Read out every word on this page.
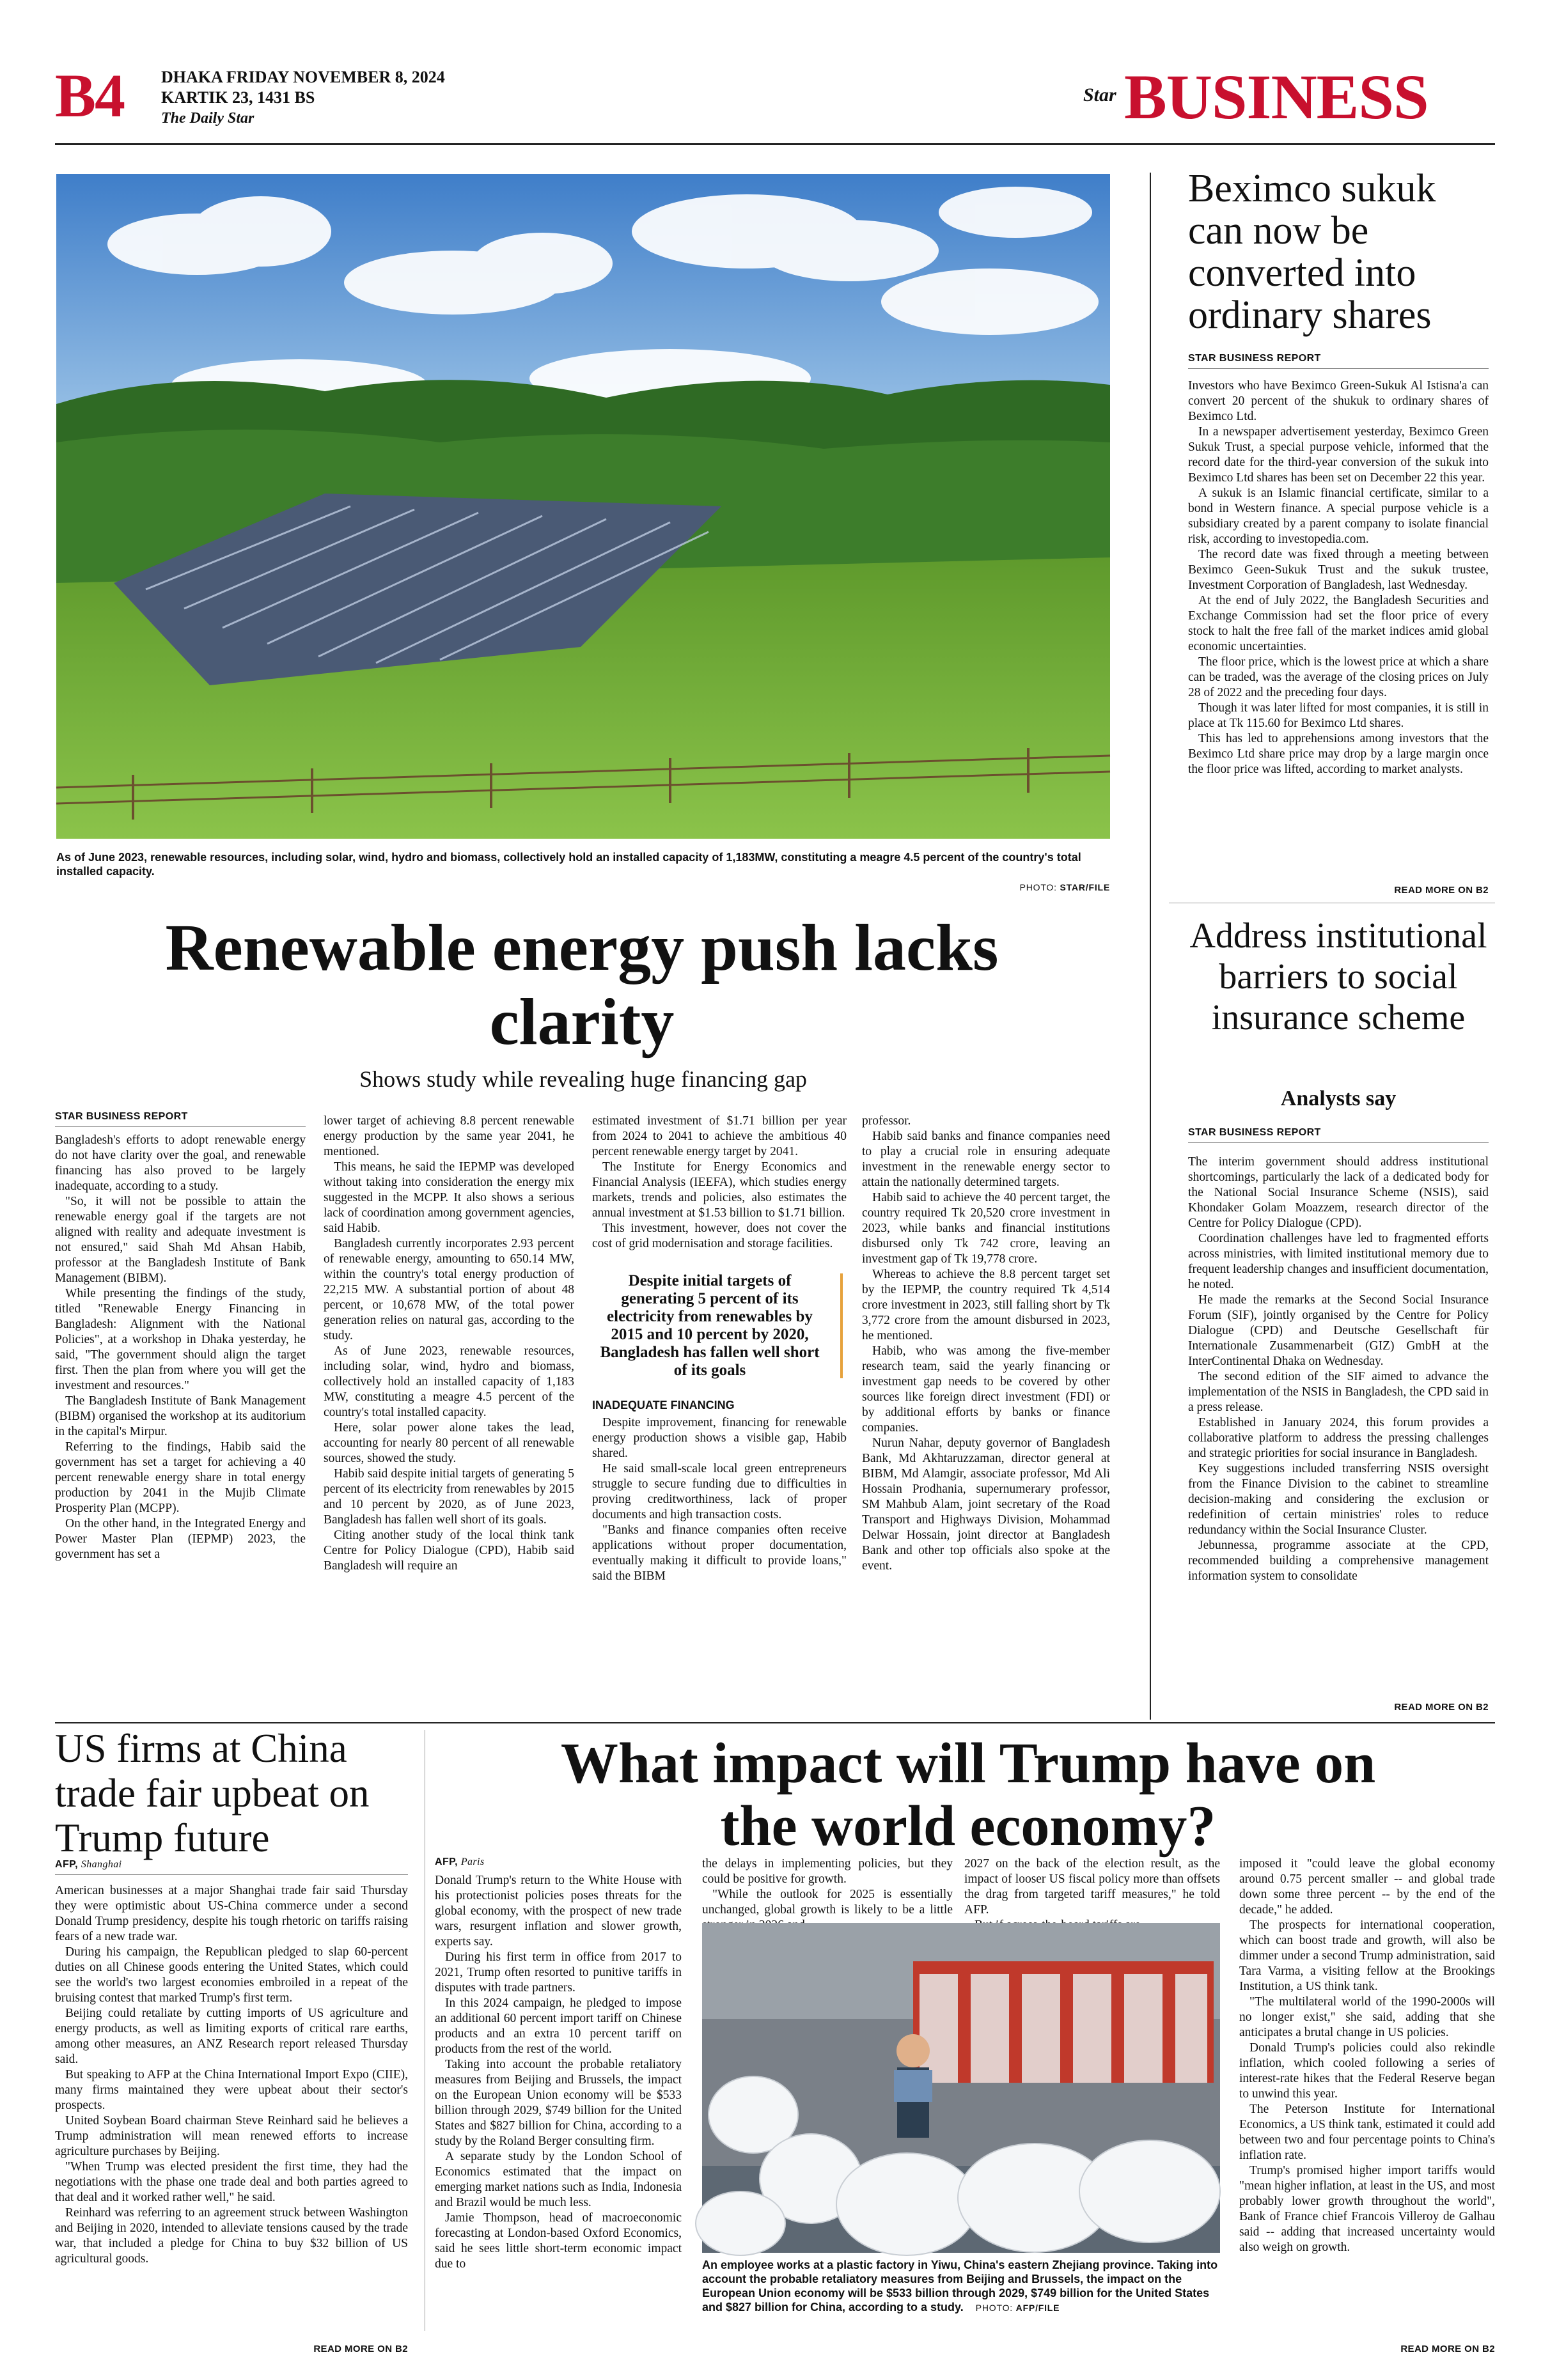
B4 DHAKA FRIDAY NOVEMBER 8, 2024
KARTIK 23, 1431 BS
The Daily Star
Star BUSINESS
As of June 2023, renewable resources, including solar, wind, hydro and biomass, collectively hold an installed capacity of 1,183MW, constituting a meagre 4.5 percent of the country's total installed capacity.
PHOTO: STAR/FILE
Renewable energy push lacks clarity
Shows study while revealing huge financing gap
STAR BUSINESS REPORT

Bangladesh's efforts to adopt renewable energy do not have clarity over the goal, and renewable financing has also proved to be largely inadequate, according to a study.

"So, it will not be possible to attain the renewable energy goal if the targets are not aligned with reality and adequate investment is not ensured," said Shah Md Ahsan Habib, professor at the Bangladesh Institute of Bank Management (BIBM).

While presenting the findings of the study, titled "Renewable Energy Financing in Bangladesh: Alignment with the National Policies", at a workshop in Dhaka yesterday, he said, "The government should align the target first. Then the plan from where you will get the investment and resources."

The Bangladesh Institute of Bank Management (BIBM) organised the workshop at its auditorium in the capital's Mirpur.

Referring to the findings, Habib said the government has set a target for achieving a 40 percent renewable energy share in total energy production by 2041 in the Mujib Climate Prosperity Plan (MCPP).

On the other hand, in the Integrated Energy and Power Master Plan (IEPMP) 2023, the government has set a

lower target of achieving 8.8 percent renewable energy production by the same year 2041, he mentioned.

This means, he said the IEPMP was developed without taking into consideration the energy mix suggested in the MCPP. It also shows a serious lack of coordination among government agencies, said Habib.

Bangladesh currently incorporates 2.93 percent of renewable energy, amounting to 650.14 MW, within the country's total energy production of 22,215 MW. A substantial portion of about 48 percent, or 10,678 MW, of the total power generation relies on natural gas, according to the study.

As of June 2023, renewable resources, including solar, wind, hydro and biomass, collectively hold an installed capacity of 1,183 MW, constituting a meagre 4.5 percent of the country's total installed capacity.

Here, solar power alone takes the lead, accounting for nearly 80 percent of all renewable sources, showed the study.

Habib said despite initial targets of generating 5 percent of its electricity from renewables by 2015 and 10 percent by 2020, as of June 2023, Bangladesh has fallen well short of its goals.

Citing another study of the local think tank Centre for Policy Dialogue (CPD), Habib said Bangladesh will require an

estimated investment of $1.71 billion per year from 2024 to 2041 to achieve the ambitious 40 percent renewable energy target by 2041.

The Institute for Energy Economics and Financial Analysis (IEEFA), which studies energy markets, trends and policies, also estimates the annual investment at $1.53 billion to $1.71 billion.

This investment, however, does not cover the cost of grid modernisation and storage facilities.

Despite initial targets of generating 5 percent of its electricity from renewables by 2015 and 10 percent by 2020, Bangladesh has fallen well short of its goals
INADEQUATE FINANCING

Despite improvement, financing for renewable energy production shows a visible gap, Habib shared.

He said small-scale local green entrepreneurs struggle to secure funding due to difficulties in proving creditworthiness, lack of proper documents and high transaction costs.

"Banks and finance companies often receive applications without proper documentation, eventually making it difficult to provide loans," said the BIBM

professor.

Habib said banks and finance companies need to play a crucial role in ensuring adequate investment in the renewable energy sector to attain the nationally determined targets.

Habib said to achieve the 40 percent target, the country required Tk 20,520 crore investment in 2023, while banks and financial institutions disbursed only Tk 742 crore, leaving an investment gap of Tk 19,778 crore.

Whereas to achieve the 8.8 percent target set by the IEPMP, the country required Tk 4,514 crore investment in 2023, still falling short by Tk 3,772 crore from the amount disbursed in 2023, he mentioned.

Habib, who was among the five-member research team, said the yearly financing or investment gap needs to be covered by other sources like foreign direct investment (FDI) or by additional efforts by banks or finance companies.

Nurun Nahar, deputy governor of Bangladesh Bank, Md Akhtaruzzaman, director general at BIBM, Md Alamgir, associate professor, Md Ali Hossain Prodhania, supernumerary professor, SM Mahbub Alam, joint secretary of the Road Transport and Highways Division, Mohammad Delwar Hossain, joint director at Bangladesh Bank and other top officials also spoke at the event.

Beximco sukuk can now be converted into ordinary shares
STAR BUSINESS REPORT

Investors who have Beximco Green-Sukuk Al Istisna'a can convert 20 percent of the shukuk to ordinary shares of Beximco Ltd.

In a newspaper advertisement yesterday, Beximco Green Sukuk Trust, a special purpose vehicle, informed that the record date for the third-year conversion of the sukuk into Beximco Ltd shares has been set on December 22 this year.

A sukuk is an Islamic financial certificate, similar to a bond in Western finance. A special purpose vehicle is a subsidiary created by a parent company to isolate financial risk, according to investopedia.com.

The record date was fixed through a meeting between Beximco Geen-Sukuk Trust and the sukuk trustee, Investment Corporation of Bangladesh, last Wednesday.

At the end of July 2022, the Bangladesh Securities and Exchange Commission had set the floor price of every stock to halt the free fall of the market indices amid global economic uncertainties.

The floor price, which is the lowest price at which a share can be traded, was the average of the closing prices on July 28 of 2022 and the preceding four days.

Though it was later lifted for most companies, it is still in place at Tk 115.60 for Beximco Ltd shares.

This has led to apprehensions among investors that the Beximco Ltd share price may drop by a large margin once the floor price was lifted, according to market analysts.

READ MORE ON B2
Address institutional barriers to social insurance scheme
Analysts say
STAR BUSINESS REPORT

The interim government should address institutional shortcomings, particularly the lack of a dedicated body for the National Social Insurance Scheme (NSIS), said Khondaker Golam Moazzem, research director of the Centre for Policy Dialogue (CPD).

Coordination challenges have led to fragmented efforts across ministries, with limited institutional memory due to frequent leadership changes and insufficient documentation, he noted.

He made the remarks at the Second Social Insurance Forum (SIF), jointly organised by the Centre for Policy Dialogue (CPD) and Deutsche Gesellschaft für Internationale Zusammenarbeit (GIZ) GmbH at the InterContinental Dhaka on Wednesday.

The second edition of the SIF aimed to advance the implementation of the NSIS in Bangladesh, the CPD said in a press release.

Established in January 2024, this forum provides a collaborative platform to address the pressing challenges and strategic priorities for social insurance in Bangladesh.

Key suggestions included transferring NSIS oversight from the Finance Division to the cabinet to streamline decision-making and considering the exclusion or redefinition of certain ministries' roles to reduce redundancy within the Social Insurance Cluster.

Jebunnessa, programme associate at the CPD, recommended building a comprehensive management information system to consolidate

READ MORE ON B2
US firms at China trade fair upbeat on Trump future
AFP, Shanghai

American businesses at a major Shanghai trade fair said Thursday they were optimistic about US-China commerce under a second Donald Trump presidency, despite his tough rhetoric on tariffs raising fears of a new trade war.

During his campaign, the Republican pledged to slap 60-percent duties on all Chinese goods entering the United States, which could see the world's two largest economies embroiled in a repeat of the bruising contest that marked Trump's first term.

Beijing could retaliate by cutting imports of US agriculture and energy products, as well as limiting exports of critical rare earths, among other measures, an ANZ Research report released Thursday said.

But speaking to AFP at the China International Import Expo (CIIE), many firms maintained they were upbeat about their sector's prospects.

United Soybean Board chairman Steve Reinhard said he believes a Trump administration will mean renewed efforts to increase agriculture purchases by Beijing.

"When Trump was elected president the first time, they had the negotiations with the phase one trade deal and both parties agreed to that deal and it worked rather well," he said.

Reinhard was referring to an agreement struck between Washington and Beijing in 2020, intended to alleviate tensions caused by the trade war, that included a pledge for China to buy $32 billion of US agricultural goods.

READ MORE ON B2
What impact will Trump have on the world economy?
AFP, Paris

Donald Trump's return to the White House with his protectionist policies poses threats for the global economy, with the prospect of new trade wars, resurgent inflation and slower growth, experts say.

During his first term in office from 2017 to 2021, Trump often resorted to punitive tariffs in disputes with trade partners.

In this 2024 campaign, he pledged to impose an additional 60 percent import tariff on Chinese products and an extra 10 percent tariff on products from the rest of the world.

Taking into account the probable retaliatory measures from Beijing and Brussels, the impact on the European Union economy will be $533 billion through 2029, $749 billion for the United States and $827 billion for China, according to a study by the Roland Berger consulting firm.

A separate study by the London School of Economics estimated that the impact on emerging market nations such as India, Indonesia and Brazil would be much less.

Jamie Thompson, head of macroeconomic forecasting at London-based Oxford Economics, said he sees little short-term economic impact due to

the delays in implementing policies, but they could be positive for growth.

"While the outlook for 2025 is essentially unchanged, global growth is likely to be a little

2027 on the back of the election result, as the impact of looser US fiscal policy more than offsets the drag from targeted tariff measures," he told AFP.

imposed it "could leave the global economy around 0.75 percent smaller -- and global trade down some three percent -- by the end of the decade," he added.

The prospects for international cooperation, which can boost trade and growth, will also be dimmer under a second Trump administration, said Tara Varma, a visiting fellow at the Brookings Institution, a US think tank.

"The multilateral world of the 1990-2000s will no longer exist," she said, adding that she anticipates a brutal change in US policies.

Donald Trump's policies could also rekindle inflation, which cooled following a series of interest-rate hikes that the Federal Reserve began to unwind this year.

The Peterson Institute for International Economics, a US think tank, estimated it could add between two and four percentage points to China's inflation rate.

Trump's promised higher import tariffs would "mean higher inflation, at least in the US, and most probably lower growth throughout the world", Bank of France chief Francois Villeroy de Galhau said -- adding that increased uncertainty would also weigh on growth.

An employee works at a plastic factory in Yiwu, China's eastern Zhejiang province. Taking into account the probable retaliatory measures from Beijing and Brussels, the impact on the European Union economy will be $533 billion through 2029, $749 billion for the United States and $827 billion for China, according to a study. PHOTO: AFP/FILE
READ MORE ON B2
